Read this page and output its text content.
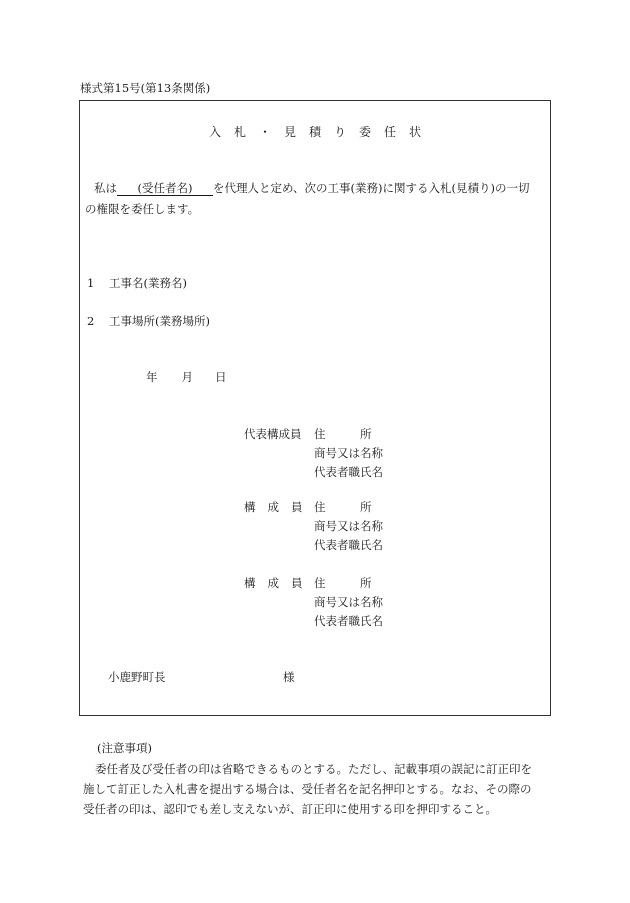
様式第15号(第13条関係)
入札・見積り委任状
私は (受任者名) を代理人と定め、次の工事(業務)に関する入札(見積り)の一切
の権限を委任します。
1 工事名(業務名)
2 工事場所(業務場所)
年 月 日
代表構成員 住　　　所
商号又は名称
代表者職氏名
構成員 住　　　所
商号又は名称
代表者職氏名
構成員 住　　　所
商号又は名称
代表者職氏名
小鹿野町長	様
(注意事項)

委任者及び受任者の印は省略できるものとする。ただし、記載事項の誤記に訂正印を

施して訂正した入札書を提出する場合は、受任者名を記名押印とする。なお、その際の

受任者の印は、認印でも差し支えないが、訂正印に使用する印を押印すること。
